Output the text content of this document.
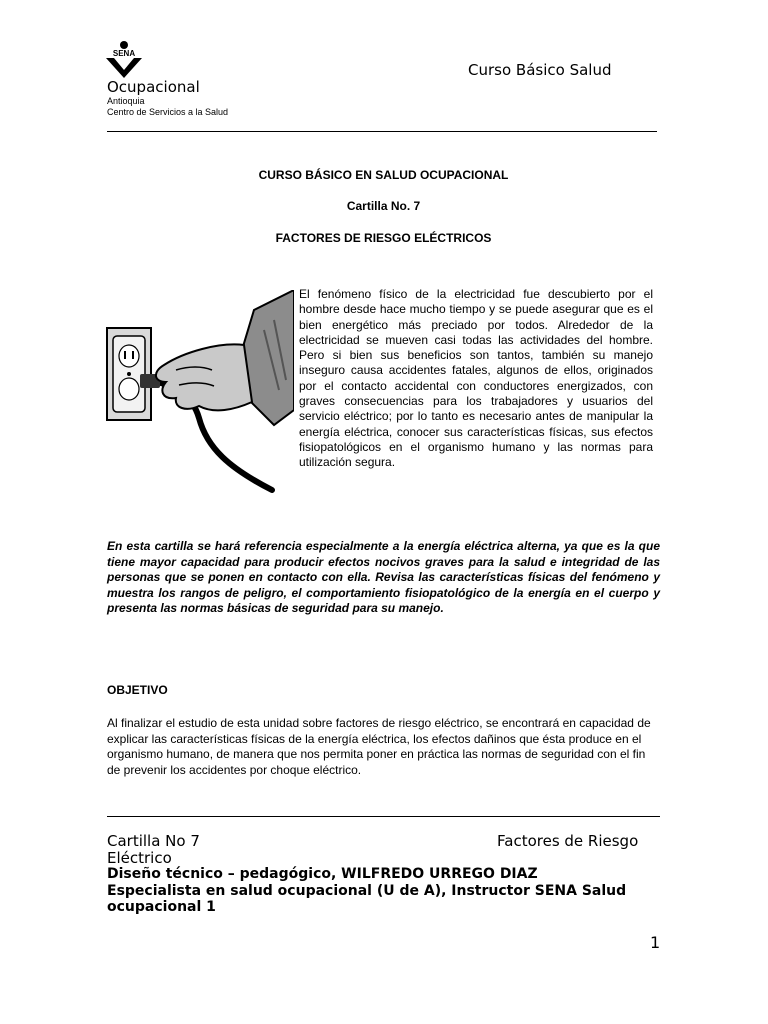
SENA
Ocupacional
Antioquia
Centro de Servicios a la Salud
Curso Básico Salud
CURSO BÁSICO EN SALUD OCUPACIONAL
Cartilla No. 7
FACTORES DE RIESGO ELÉCTRICOS
El fenómeno físico de la electricidad fue descubierto por el hombre desde hace mucho tiempo y se puede asegurar que es el bien energético más preciado por todos. Alrededor de la electricidad se mueven casi todas las actividades del hombre. Pero si bien sus beneficios son tantos, también su manejo inseguro causa accidentes fatales, algunos de ellos, originados por el contacto accidental con conductores energizados, con graves consecuencias para los trabajadores y usuarios del servicio eléctrico; por lo tanto es necesario antes de manipular la energía eléctrica, conocer sus características físicas, sus efectos fisiopatológicos en el organismo humano y las normas para utilización segura.
En esta cartilla se hará referencia especialmente a la energía eléctrica alterna, ya que es la que tiene mayor capacidad para producir efectos nocivos graves para la salud e integridad de las personas que se ponen en contacto con ella. Revisa las características físicas del fenómeno y muestra los rangos de peligro, el comportamiento fisiopatológico de la energía en el cuerpo y presenta las normas básicas de seguridad para su manejo.
OBJETIVO
Al finalizar el estudio de esta unidad sobre factores de riesgo eléctrico, se encontrará en capacidad de explicar las características físicas de la energía eléctrica, los efectos dañinos que ésta produce en el organismo humano, de manera que nos permita poner en práctica las normas de seguridad con el fin de prevenir los accidentes por choque eléctrico.
Cartilla No 7	Factores de Riesgo
Eléctrico
Diseño técnico – pedagógico, WILFREDO URREGO DIAZ
Especialista en salud ocupacional (U de A), Instructor SENA Salud
ocupacional 1
1
